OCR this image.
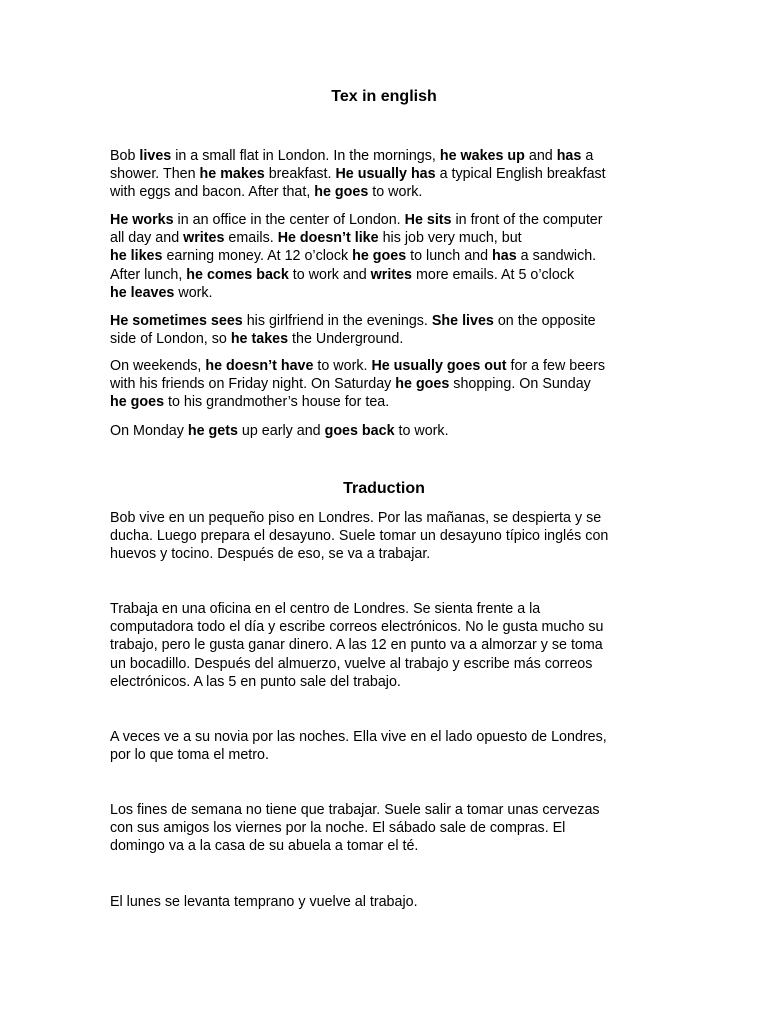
Tex in english

Bob lives in a small flat in London. In the mornings, he wakes up and has a
shower. Then he makes breakfast. He usually has a typical English breakfast
with eggs and bacon. After that, he goes to work.

He works in an office in the center of London. He sits in front of the computer
all day and writes emails. He doesn’t like his job very much, but
he likes earning money. At 12 o’clock he goes to lunch and has a sandwich.
After lunch, he comes back to work and writes more emails. At 5 o’clock
he leaves work.

He sometimes sees his girlfriend in the evenings. She lives on the opposite
side of London, so he takes the Underground.

On weekends, he doesn’t have to work. He usually goes out for a few beers
with his friends on Friday night. On Saturday he goes shopping. On Sunday
he goes to his grandmother’s house for tea.

On Monday he gets up early and goes back to work.

Traduction

Bob vive en un pequeño piso en Londres. Por las mañanas, se despierta y se
ducha. Luego prepara el desayuno. Suele tomar un desayuno típico inglés con
huevos y tocino. Después de eso, se va a trabajar.

Trabaja en una oficina en el centro de Londres. Se sienta frente a la
computadora todo el día y escribe correos electrónicos. No le gusta mucho su
trabajo, pero le gusta ganar dinero. A las 12 en punto va a almorzar y se toma
un bocadillo. Después del almuerzo, vuelve al trabajo y escribe más correos
electrónicos. A las 5 en punto sale del trabajo.

A veces ve a su novia por las noches. Ella vive en el lado opuesto de Londres,
por lo que toma el metro.

Los fines de semana no tiene que trabajar. Suele salir a tomar unas cervezas
con sus amigos los viernes por la noche. El sábado sale de compras. El
domingo va a la casa de su abuela a tomar el té.

El lunes se levanta temprano y vuelve al trabajo.
